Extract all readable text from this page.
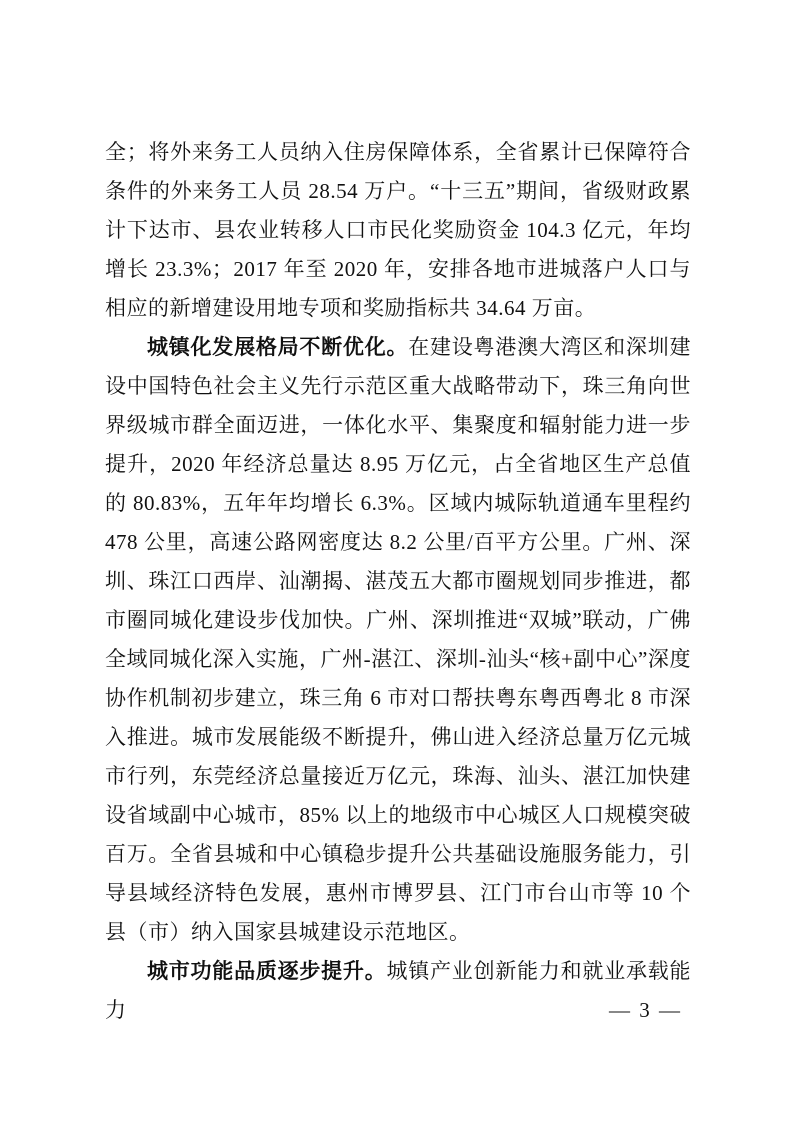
全；将外来务工人员纳入住房保障体系，全省累计已保障符合条件的外来务工人员 28.54 万户。“十三五”期间，省级财政累计下达市、县农业转移人口市民化奖励资金 104.3 亿元，年均增长 23.3%；2017 年至 2020 年，安排各地市进城落户人口与相应的新增建设用地专项和奖励指标共 34.64 万亩。

城镇化发展格局不断优化。在建设粤港澳大湾区和深圳建设中国特色社会主义先行示范区重大战略带动下，珠三角向世界级城市群全面迈进，一体化水平、集聚度和辐射能力进一步提升，2020 年经济总量达 8.95 万亿元，占全省地区生产总值的 80.83%，五年年均增长 6.3%。区域内城际轨道通车里程约 478 公里，高速公路网密度达 8.2 公里/百平方公里。广州、深圳、珠江口西岸、汕潮揭、湛茂五大都市圈规划同步推进，都市圈同城化建设步伐加快。广州、深圳推进“双城”联动，广佛全域同城化深入实施，广州-湛江、深圳-汕头“核+副中心”深度协作机制初步建立，珠三角 6 市对口帮扶粤东粤西粤北 8 市深入推进。城市发展能级不断提升，佛山进入经济总量万亿元城市行列，东莞经济总量接近万亿元，珠海、汕头、湛江加快建设省域副中心城市，85% 以上的地级市中心城区人口规模突破百万。全省县城和中心镇稳步提升公共基础设施服务能力，引导县域经济特色发展，惠州市博罗县、江门市台山市等 10 个县（市）纳入国家县城建设示范地区。

城市功能品质逐步提升。城镇产业创新能力和就业承载能力	— 3 —
